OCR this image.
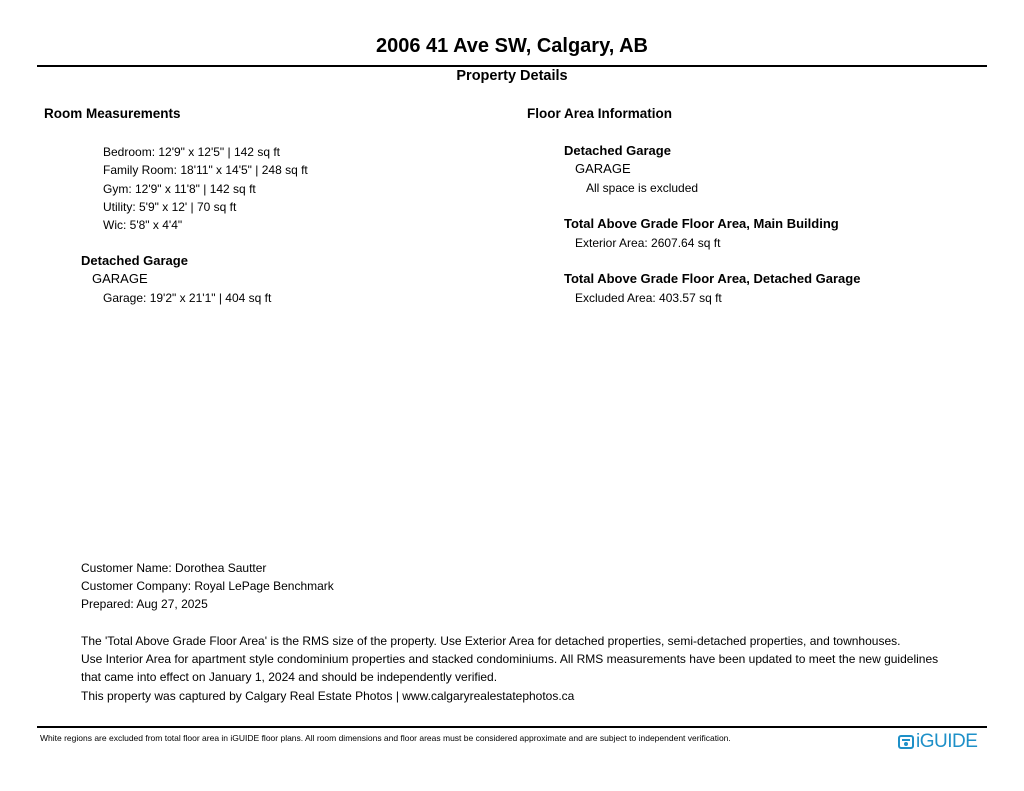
2006 41 Ave SW, Calgary, AB
Property Details
Room Measurements
Bedroom: 12'9" x 12'5" | 142 sq ft
Family Room: 18'11" x 14'5" | 248 sq ft
Gym: 12'9" x 11'8" | 142 sq ft
Utility: 5'9" x 12' | 70 sq ft
Wic: 5'8" x 4'4"
Detached Garage
GARAGE
Garage: 19'2" x 21'1" | 404 sq ft
Floor Area Information
Detached Garage
GARAGE
All space is excluded
Total Above Grade Floor Area, Main Building
Exterior Area: 2607.64 sq ft
Total Above Grade Floor Area, Detached Garage
Excluded Area: 403.57 sq ft
Customer Name: Dorothea Sautter
Customer Company: Royal LePage Benchmark
Prepared: Aug 27, 2025
The 'Total Above Grade Floor Area' is the RMS size of the property. Use Exterior Area for detached properties, semi-detached properties, and townhouses.
Use Interior Area for apartment style condominium properties and stacked condominiums. All RMS measurements have been updated to meet the new guidelines
that came into effect on January 1, 2024 and should be independently verified.
This property was captured by Calgary Real Estate Photos | www.calgaryrealestatephotos.ca
White regions are excluded from total floor area in iGUIDE floor plans. All room dimensions and floor areas must be considered approximate and are subject to independent verification.	iGUIDE
